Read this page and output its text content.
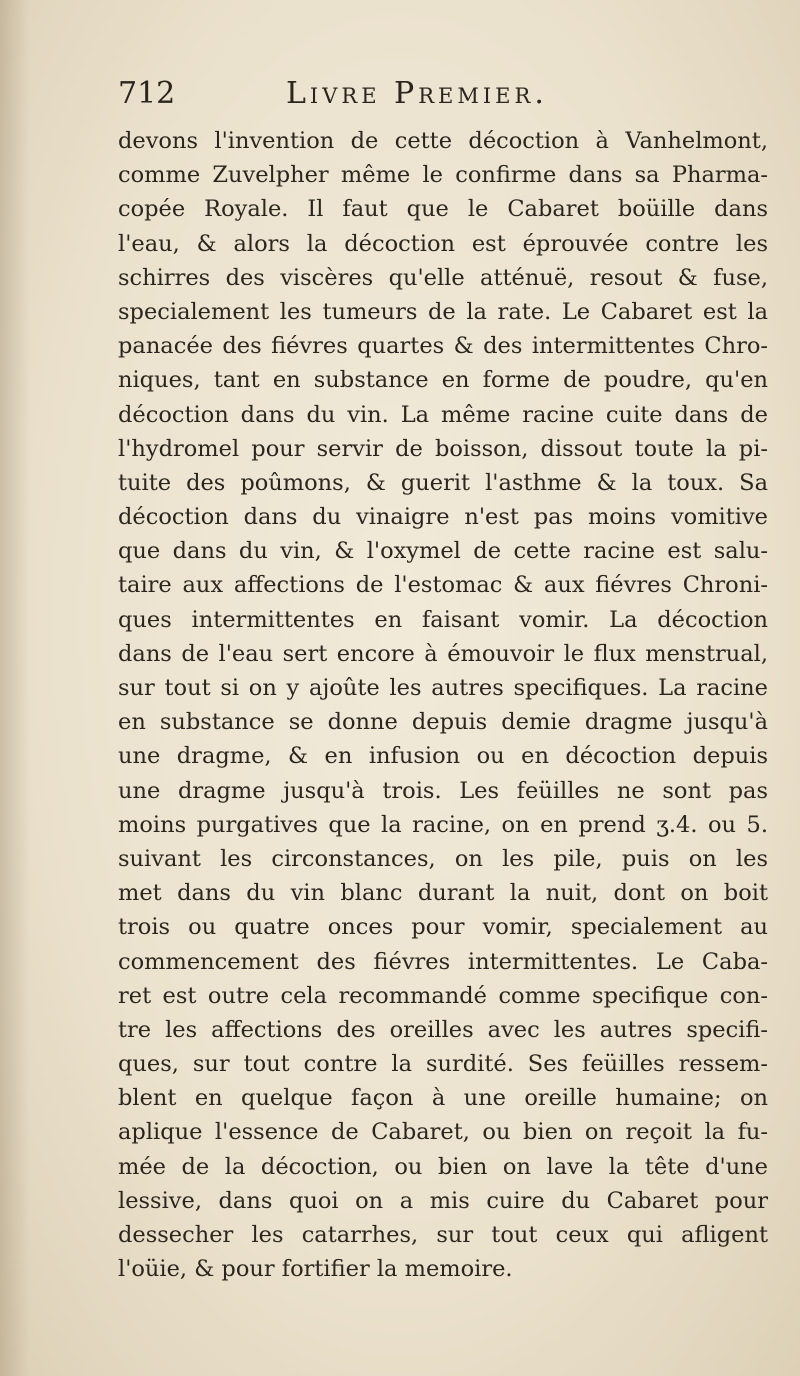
712	Livre Premier.
devons l'invention de cette décoction à Vanhelmont,
comme Zuvelpher même le confirme dans sa Pharma-
copée Royale. Il faut que le Cabaret boüille dans
l'eau, & alors la décoction est éprouvée contre les
schirres des viscères qu'elle atténuë, resout & fuse,
specialement les tumeurs de la rate. Le Cabaret est la
panacée des fiévres quartes & des intermittentes Chro-
niques, tant en substance en forme de poudre, qu'en
décoction dans du vin. La même racine cuite dans de
l'hydromel pour servir de boisson, dissout toute la pi-
tuite des poûmons, & guerit l'asthme & la toux. Sa
décoction dans du vinaigre n'est pas moins vomitive
que dans du vin, & l'oxymel de cette racine est salu-
taire aux affections de l'estomac & aux fiévres Chroni-
ques intermittentes en faisant vomir. La décoction
dans de l'eau sert encore à émouvoir le flux menstrual,
sur tout si on y ajoûte les autres specifiques. La racine
en substance se donne depuis demie dragme jusqu'à
une dragme, & en infusion ou en décoction depuis
une dragme jusqu'à trois. Les feüilles ne sont pas
moins purgatives que la racine, on en prend ʒ.4. ou 5.
suivant les circonstances, on les pile, puis on les
met dans du vin blanc durant la nuit, dont on boit
trois ou quatre onces pour vomir, specialement au
commencement des fiévres intermittentes. Le Caba-
ret est outre cela recommandé comme specifique con-
tre les affections des oreilles avec les autres specifi-
ques, sur tout contre la surdité. Ses feüilles ressem-
blent en quelque façon à une oreille humaine; on
aplique l'essence de Cabaret, ou bien on reçoit la fu-
mée de la décoction, ou bien on lave la tête d'une
lessive, dans quoi on a mis cuire du Cabaret pour
dessecher les catarrhes, sur tout ceux qui afligent
l'oüie, & pour fortifier la memoire.
